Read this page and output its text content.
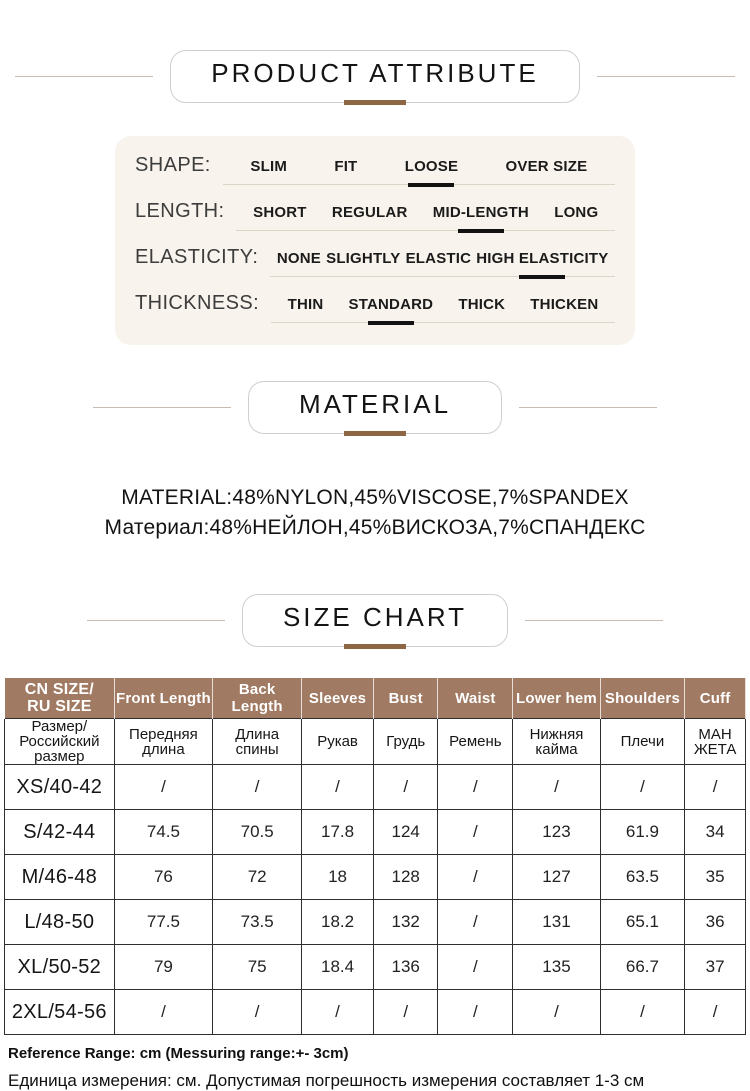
PRODUCT ATTRIBUTE
SHAPE:	SLIM	FIT	LOOSE	OVER SIZE
LENGTH: SHORT REGULAR MID-LENGTH LONG
ELASTICITY: NONE SLIGHTLY ELASTIC HIGH ELASTICITY
THICKNESS: THIN STANDARD THICK THICKEN
MATERIAL
MATERIAL:48%NYLON,45%VISCOSE,7%SPANDEX
Материал:48%НЕЙЛОН,45%ВИСКОЗА,7%СПАНДЕКС
SIZE CHART
CN SIZE/
RU SIZE	Front Length	Back Length	Sleeves	Bust	Waist	Lower hem	Shoulders	Cuff
Размер/Российский размер	Передняя длина	Длина спины	Рукав	Грудь	Ремень	Нижняя кайма	Плечи	МАН ЖЕТА
XS/40-42	/	/	/	/	/	/	/	/
S/42-44	74.5	70.5	17.8	124	/	123	61.9	34
M/46-48	76	72	18	128	/	127	63.5	35
L/48-50	77.5	73.5	18.2	132	/	131	65.1	36
XL/50-52	79	75	18.4	136	/	135	66.7	37
2XL/54-56	/	/	/	/	/	/	/	/
Reference Range: cm (Messuring range:+- 3cm)
Единица измерения: см. Допустимая погрешность измерения составляет 1-3 см
